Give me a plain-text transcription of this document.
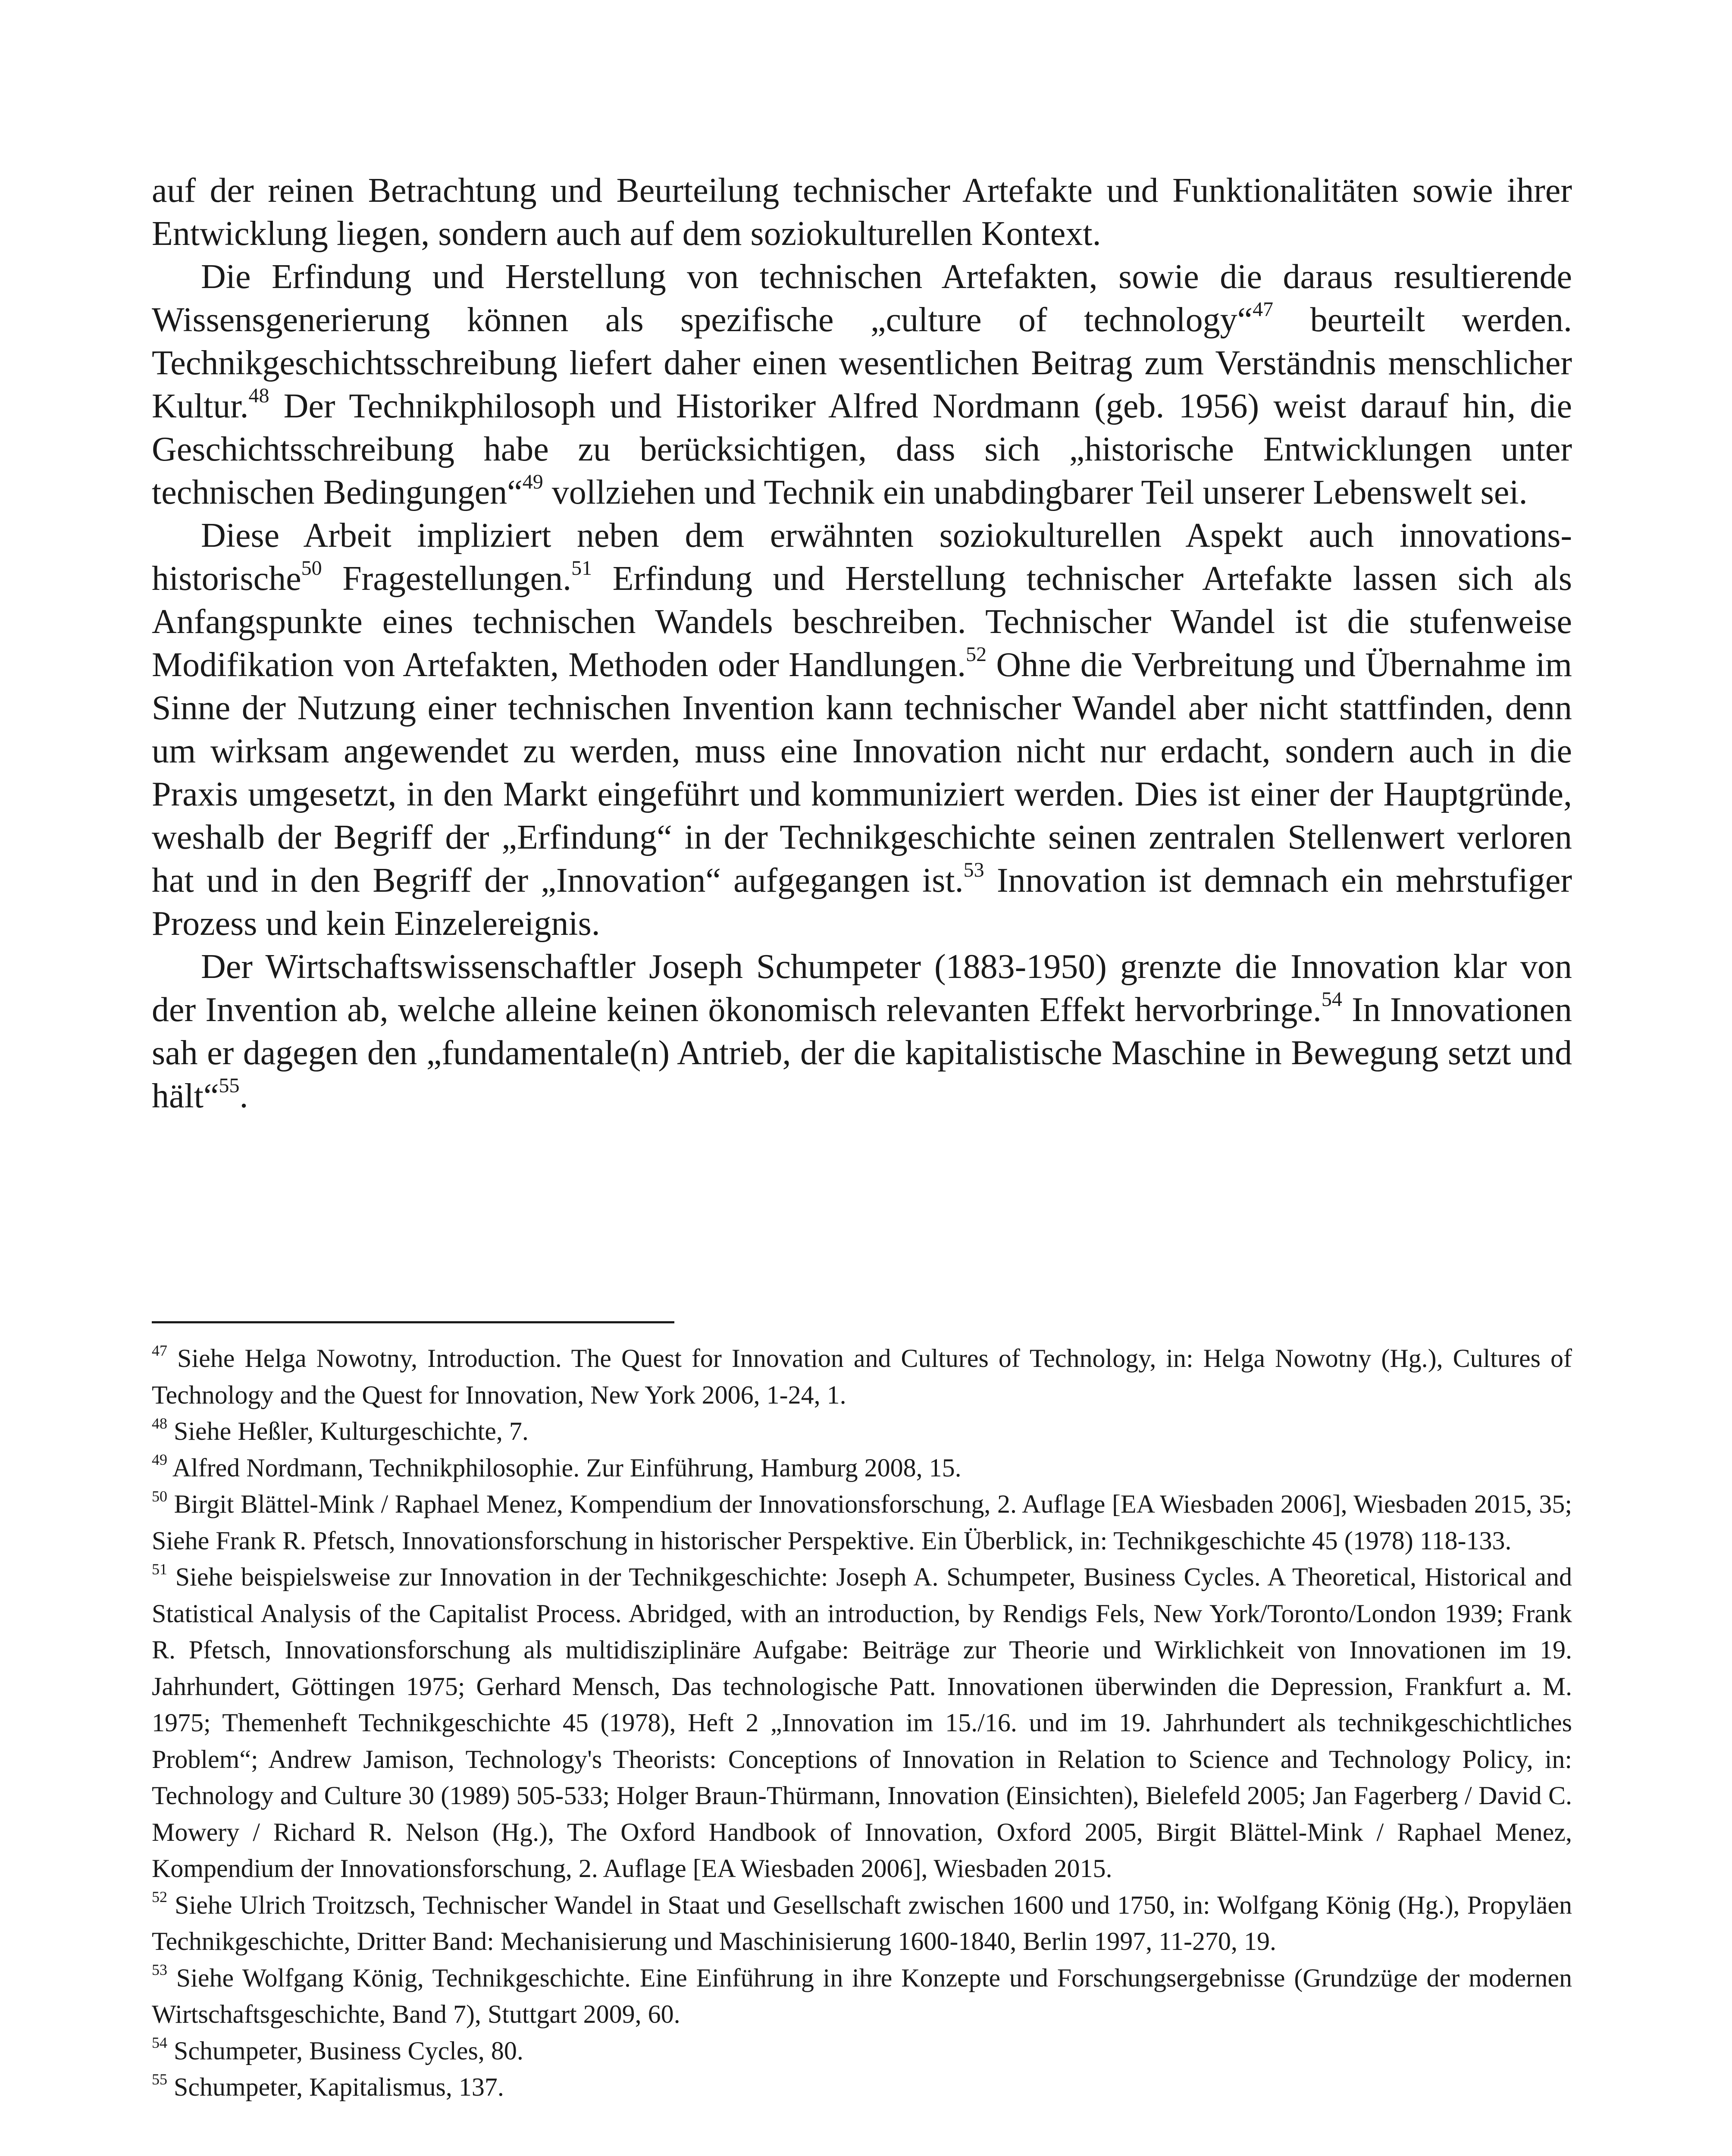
auf der reinen Betrachtung und Beurteilung technischer Artefakte und Funktionalitäten sowie ihrer Entwicklung liegen, sondern auch auf dem soziokulturellen Kontext.

Die Erfindung und Herstellung von technischen Artefakten, sowie die daraus resultierende Wissensgenerierung können als spezifische „culture of technology“$^{47}$ beurteilt werden. Technikgeschichtsschreibung liefert daher einen wesentlichen Beitrag zum Verständnis menschlicher Kultur.$^{48}$ Der Technikphilosoph und Historiker Alfred Nordmann (geb. 1956) weist darauf hin, die Geschichtsschreibung habe zu berücksichtigen, dass sich „historische Entwicklungen unter technischen Bedingungen“$^{49}$ vollziehen und Technik ein unabdingbarer Teil unserer Lebenswelt sei.

Diese Arbeit impliziert neben dem erwähnten soziokulturellen Aspekt auch innovationshistorische$^{50}$ Fragestellungen.$^{51}$ Erfindung und Herstellung technischer Artefakte lassen sich als Anfangspunkte eines technischen Wandels beschreiben. Technischer Wandel ist die stufenweise Modifikation von Artefakten, Methoden oder Handlungen.$^{52}$ Ohne die Verbreitung und Übernahme im Sinne der Nutzung einer technischen Invention kann technischer Wandel aber nicht stattfinden, denn um wirksam angewendet zu werden, muss eine Innovation nicht nur erdacht, sondern auch in die Praxis umgesetzt, in den Markt eingeführt und kommuniziert werden. Dies ist einer der Hauptgründe, weshalb der Begriff der „Erfindung“ in der Technikgeschichte seinen zentralen Stellenwert verloren hat und in den Begriff der „Innovation“ aufgegangen ist.$^{53}$ Innovation ist demnach ein mehrstufiger Prozess und kein Einzelereignis.

Der Wirtschaftswissenschaftler Joseph Schumpeter (1883-1950) grenzte die Innovation klar von der Invention ab, welche alleine keinen ökonomisch relevanten Effekt hervorbringe.$^{54}$ In Innovationen sah er dagegen den „fundamentale(n) Antrieb, der die kapitalistische Maschine in Bewegung setzt und hält“$^{55}$.

$^{47}$ Siehe Helga Nowotny, Introduction. The Quest for Innovation and Cultures of Technology, in: Helga Nowotny (Hg.), Cultures of Technology and the Quest for Innovation, New York 2006, 1-24, 1.

$^{48}$ Siehe Heßler, Kulturgeschichte, 7.

$^{49}$ Alfred Nordmann, Technikphilosophie. Zur Einführung, Hamburg 2008, 15.

$^{50}$ Birgit Blättel-Mink / Raphael Menez, Kompendium der Innovationsforschung, 2. Auflage [EA Wiesbaden 2006], Wiesbaden 2015, 35; Siehe Frank R. Pfetsch, Innovationsforschung in historischer Perspektive. Ein Überblick, in: Technikgeschichte 45 (1978) 118-133.

$^{51}$ Siehe beispielsweise zur Innovation in der Technikgeschichte: Joseph A. Schumpeter, Business Cycles. A Theoretical, Historical and Statistical Analysis of the Capitalist Process. Abridged, with an introduction, by Rendigs Fels, New York/Toronto/London 1939; Frank R. Pfetsch, Innovationsforschung als multidisziplinäre Aufgabe: Beiträge zur Theorie und Wirklichkeit von Innovationen im 19. Jahrhundert, Göttingen 1975; Gerhard Mensch, Das technologische Patt. Innovationen überwinden die Depression, Frankfurt a. M. 1975; Themenheft Technikgeschichte 45 (1978), Heft 2 „Innovation im 15./16. und im 19. Jahrhundert als technikgeschichtliches Problem“; Andrew Jamison, Technology's Theorists: Conceptions of Innovation in Relation to Science and Technology Policy, in: Technology and Culture 30 (1989) 505-533; Holger Braun-Thürmann, Innovation (Einsichten), Bielefeld 2005; Jan Fagerberg / David C. Mowery / Richard R. Nelson (Hg.), The Oxford Handbook of Innovation, Oxford 2005, Birgit Blättel-Mink / Raphael Menez, Kompendium der Innovationsforschung, 2. Auflage [EA Wiesbaden 2006], Wiesbaden 2015.

$^{52}$ Siehe Ulrich Troitzsch, Technischer Wandel in Staat und Gesellschaft zwischen 1600 und 1750, in: Wolfgang König (Hg.), Propyläen Technikgeschichte, Dritter Band: Mechanisierung und Maschinisierung 1600-1840, Berlin 1997, 11-270, 19.

$^{53}$ Siehe Wolfgang König, Technikgeschichte. Eine Einführung in ihre Konzepte und Forschungsergebnisse (Grundzüge der modernen Wirtschaftsgeschichte, Band 7), Stuttgart 2009, 60.

$^{54}$ Schumpeter, Business Cycles, 80.

$^{55}$ Schumpeter, Kapitalismus, 137.
